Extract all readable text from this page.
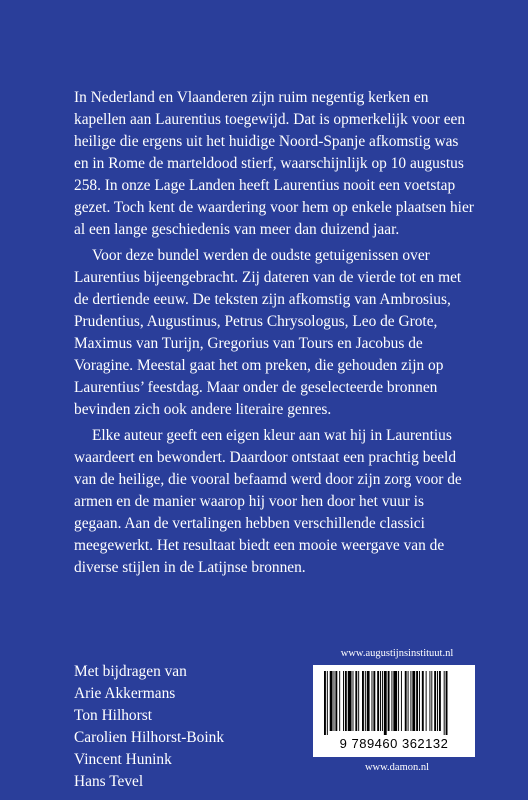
In Nederland en Vlaanderen zijn ruim negentig kerken en kapellen aan Laurentius toegewijd. Dat is opmerkelijk voor een heilige die ergens uit het huidige Noord-Spanje afkomstig was en in Rome de marteldood stierf, waarschijnlijk op 10 augustus 258. In onze Lage Landen heeft Laurentius nooit een voetstap gezet. Toch kent de waardering voor hem op enkele plaatsen hier al een lange geschiedenis van meer dan duizend jaar.

Voor deze bundel werden de oudste getuigenissen over Laurentius bijeengebracht. Zij dateren van de vierde tot en met de dertiende eeuw. De teksten zijn afkomstig van Ambrosius, Prudentius, Augustinus, Petrus Chrysologus, Leo de Grote, Maximus van Turijn, Gregorius van Tours en Jacobus de Voragine. Meestal gaat het om preken, die gehouden zijn op Laurentius’ feestdag. Maar onder de geselecteerde bronnen bevinden zich ook andere literaire genres.

Elke auteur geeft een eigen kleur aan wat hij in Laurentius waardeert en bewondert. Daardoor ontstaat een prachtig beeld van de heilige, die vooral befaamd werd door zijn zorg voor de armen en de manier waarop hij voor hen door het vuur is gegaan. Aan de vertalingen hebben verschillende classici meegewerkt. Het resultaat biedt een mooie weergave van de diverse stijlen in de Latijnse bronnen.

Met bijdragen van
Arie Akkermans
Ton Hilhorst
Carolien Hilhorst-Boink
Vincent Hunink
Hans Tevel
www.augustijnsinstituut.nl
9 789460 362132
www.damon.nl
